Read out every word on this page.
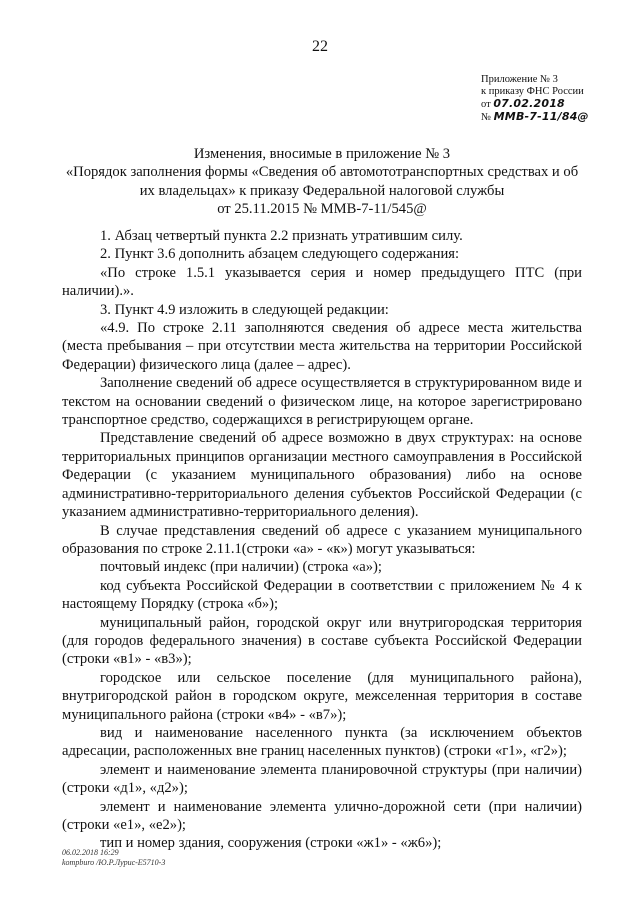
22
Приложение № 3
к приказу ФНС России
от 07.02.2018
№ ММВ-7-11/84@
Изменения, вносимые в приложение № 3
«Порядок заполнения формы «Сведения об автомототранспортных средствах и об
их владельцах» к приказу Федеральной налоговой службы
от 25.11.2015 № ММВ-7-11/545@

1. Абзац четвертый пункта 2.2 признать утратившим силу.

2. Пункт 3.6 дополнить абзацем следующего содержания:

«По строке 1.5.1 указывается серия и номер предыдущего ПТС (при наличии).».

3. Пункт 4.9 изложить в следующей редакции:

«4.9. По строке 2.11 заполняются сведения об адресе места жительства (места пребывания – при отсутствии места жительства на территории Российской Федерации) физического лица (далее – адрес).

Заполнение сведений об адресе осуществляется в структурированном виде и текстом на основании сведений о физическом лице, на которое зарегистрировано транспортное средство, содержащихся в регистрирующем органе.

Представление сведений об адресе возможно в двух структурах: на основе территориальных принципов организации местного самоуправления в Российской Федерации (с указанием муниципального образования) либо на основе административно-территориального деления субъектов Российской Федерации (с указанием административно-территориального деления).

В случае представления сведений об адресе с указанием муниципального образования по строке 2.11.1(строки «а» - «к») могут указываться:

почтовый индекс (при наличии) (строка «а»);

код субъекта Российской Федерации в соответствии с приложением № 4 к настоящему Порядку (строка «б»);

муниципальный район, городской округ или внутригородская территория (для городов федерального значения) в составе субъекта Российской Федерации (строки «в1» - «в3»);

городское или сельское поселение (для муниципального района), внутригородской район в городском округе, межселенная территория в составе муниципального района (строки «в4» - «в7»);

вид и наименование населенного пункта (за исключением объектов адресации, расположенных вне границ населенных пунктов) (строки «г1», «г2»);

элемент и наименование элемента планировочной структуры (при наличии) (строки «д1», «д2»);

элемент и наименование элемента улично-дорожной сети (при наличии) (строки «е1», «е2»);

тип и номер здания, сооружения (строки «ж1» - «ж6»);

06.02.2018 16:29
kompburo /Ю.Р.Лурис-Е5710-3
